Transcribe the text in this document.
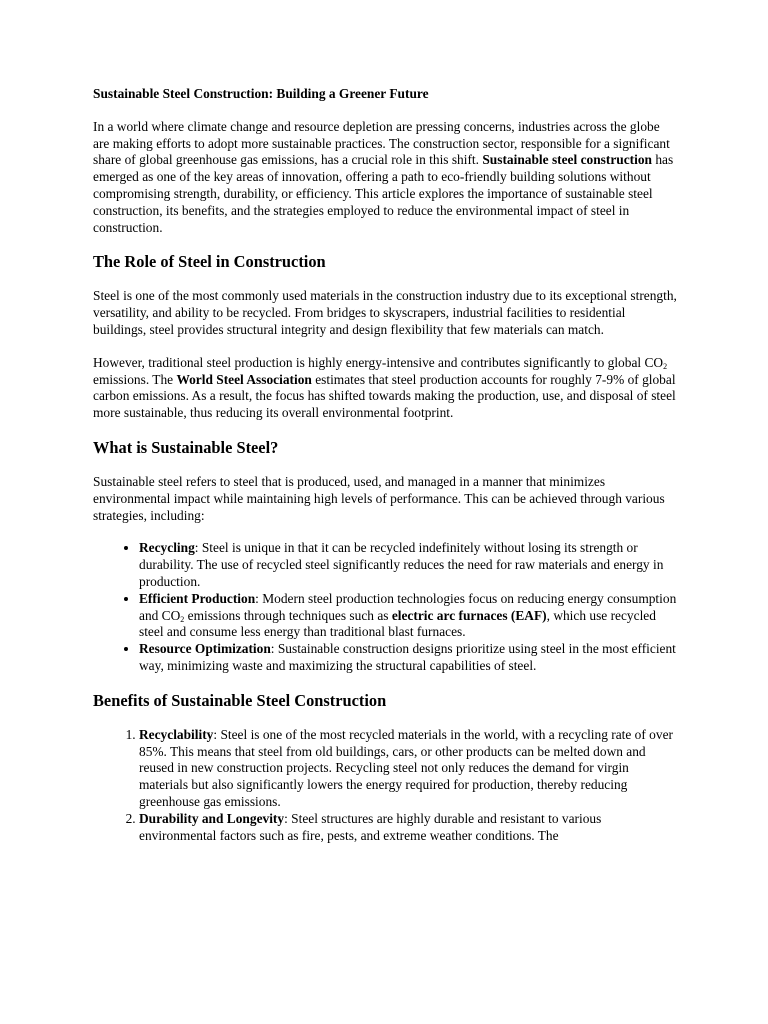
Sustainable Steel Construction: Building a Greener Future

In a world where climate change and resource depletion are pressing concerns, industries across the globe are making efforts to adopt more sustainable practices. The construction sector, responsible for a significant share of global greenhouse gas emissions, has a crucial role in this shift. Sustainable steel construction has emerged as one of the key areas of innovation, offering a path to eco-friendly building solutions without compromising strength, durability, or efficiency. This article explores the importance of sustainable steel construction, its benefits, and the strategies employed to reduce the environmental impact of steel in construction.

The Role of Steel in Construction

Steel is one of the most commonly used materials in the construction industry due to its exceptional strength, versatility, and ability to be recycled. From bridges to skyscrapers, industrial facilities to residential buildings, steel provides structural integrity and design flexibility that few materials can match.

However, traditional steel production is highly energy-intensive and contributes significantly to global $CO_2$ emissions. The World Steel Association estimates that steel production accounts for roughly 7-9% of global carbon emissions. As a result, the focus has shifted towards making the production, use, and disposal of steel more sustainable, thus reducing its overall environmental footprint.

What is Sustainable Steel?

Sustainable steel refers to steel that is produced, used, and managed in a manner that minimizes environmental impact while maintaining high levels of performance. This can be achieved through various strategies, including:

• Recycling: Steel is unique in that it can be recycled indefinitely without losing its strength or durability. The use of recycled steel significantly reduces the need for raw materials and energy in production.
• Efficient Production: Modern steel production technologies focus on reducing energy consumption and $CO_2$ emissions through techniques such as electric arc furnaces (EAF), which use recycled steel and consume less energy than traditional blast furnaces.
• Resource Optimization: Sustainable construction designs prioritize using steel in the most efficient way, minimizing waste and maximizing the structural capabilities of steel.
Benefits of Sustainable Steel Construction
1. Recyclability: Steel is one of the most recycled materials in the world, with a recycling rate of over 85%. This means that steel from old buildings, cars, or other products can be melted down and reused in new construction projects. Recycling steel not only reduces the demand for virgin materials but also significantly lowers the energy required for production, thereby reducing greenhouse gas emissions.
2. Durability and Longevity: Steel structures are highly durable and resistant to various environmental factors such as fire, pests, and extreme weather conditions. The
